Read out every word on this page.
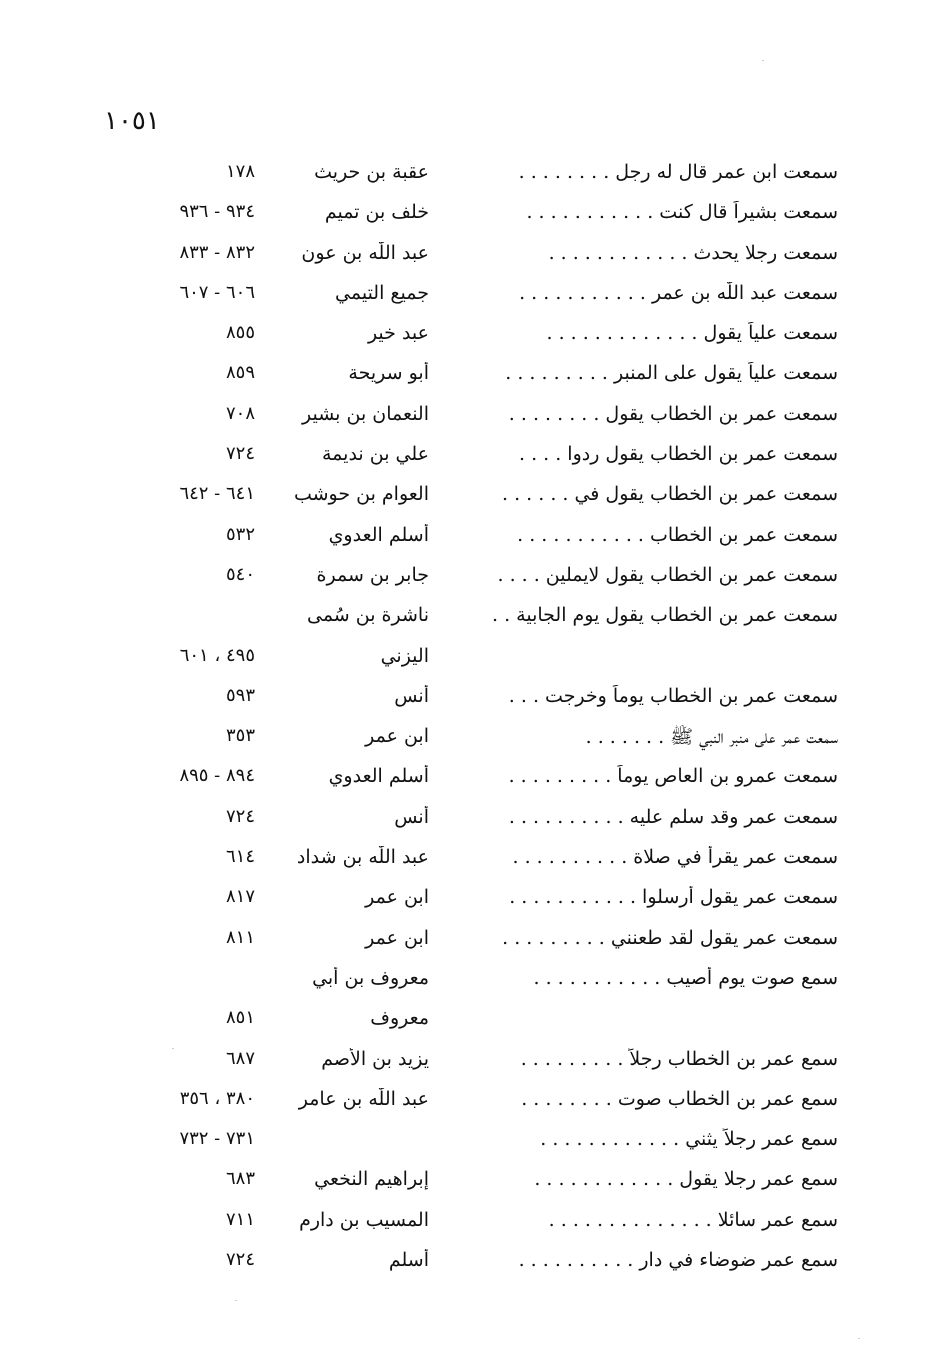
١٠٥١
سمعت ابن عمر قال له رجل . . . . . . . .
عقبة بن حريث
١٧٨
سمعت بشيراً قال كنت . . . . . . . . . . .
خلف بن تميم
٩٣٤ - ٩٣٦
سمعت رجلا يحدث . . . . . . . . . . . .
عبد اللّٰه بن عون
٨٣٢ - ٨٣٣
سمعت عبد اللّٰه بن عمر . . . . . . . . . . .
جميع التيمي
٦٠٦ - ٦٠٧
سمعت علياً يقول . . . . . . . . . . . . .
عبد خير
٨٥٥
سمعت علياً يقول على المنبر . . . . . . . . .
أبو سريحة
٨٥٩
سمعت عمر بن الخطاب يقول . . . . . . . .
النعمان بن بشير
٧٠٨
سمعت عمر بن الخطاب يقول ردوا . . . .
علي بن نديمة
٧٢٤
سمعت عمر بن الخطاب يقول في . . . . . .
العوام بن حوشب
٦٤١ - ٦٤٢
سمعت عمر بن الخطاب . . . . . . . . . . .
أسلم العدوي
٥٣٢
سمعت عمر بن الخطاب يقول لايملين . . . .
جابر بن سمرة
٥٤٠
سمعت عمر بن الخطاب يقول يوم الجابية . .
ناشرة بن سُمى
اليزني
٤٩٥ ، ٦٠١
سمعت عمر بن الخطاب يوماً وخرجت . . .
أنس
٥٩٣
سمعت عمر على منبر النبي ﷺ . . . . . . .
ابن عمر
٣٥٣
سمعت عمرو بن العاص يوماً . . . . . . . . .
أسلم العدوي
٨٩٤ - ٨٩٥
سمعت عمر وقد سلم عليه . . . . . . . . . .
أنس
٧٢٤
سمعت عمر يقرأ في صلاة . . . . . . . . . .
عبد اللّٰه بن شداد
٦١٤
سمعت عمر يقول أرسلوا . . . . . . . . . . .
ابن عمر
٨١٧
سمعت عمر يقول لقد طعنني . . . . . . . . .
ابن عمر
٨١١
سمع صوت يوم أصيب . . . . . . . . . . .
معروف بن أبي
معروف
٨٥١
سمع عمر بن الخطاب رجلاً . . . . . . . . .
يزيد بن الأصم
٦٨٧
سمع عمر بن الخطاب صوت . . . . . . . .
عبد اللّٰه بن عامر
٣٨٠ ، ٣٥٦
سمع عمر رجلاً يثني . . . . . . . . . . . .
٧٣١ - ٧٣٢
سمع عمر رجلا يقول . . . . . . . . . . . .
إبراهيم النخعي
٦٨٣
سمع عمر سائلا . . . . . . . . . . . . . .
المسيب بن دارم
٧١١
سمع عمر ضوضاء في دار . . . . . . . . . .
أسلم
٧٢٤
